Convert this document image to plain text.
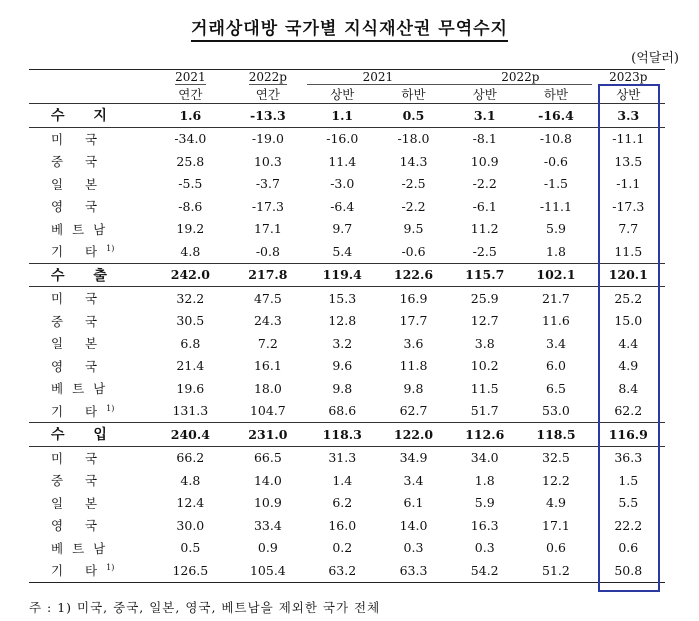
거래상대방 국가별 지식재산권 무역수지
(억달러)
	2021	2022p	2021		2022p		2023p
	연간	연간	상반	하반	상반	하반	상반
수 지	1.6	-13.3	1.1	0.5	3.1	-16.4	3.3
미 국	-34.0	-19.0	-16.0	-18.0	-8.1	-10.8	-11.1
중 국	25.8	10.3	11.4	14.3	10.9	-0.6	13.5
일 본	-5.5	-3.7	-3.0	-2.5	-2.2	-1.5	-1.1
영 국	-8.6	-17.3	-6.4	-2.2	-6.1	-11.1	-17.3
베트남	19.2	17.1	9.7	9.5	11.2	5.9	7.7
기 타$^{1)}$	4.8	-0.8	5.4	-0.6	-2.5	1.8	11.5
수 출	242.0	217.8	119.4	122.6	115.7	102.1	120.1
미 국	32.2	47.5	15.3	16.9	25.9	21.7	25.2
중 국	30.5	24.3	12.8	17.7	12.7	11.6	15.0
일 본	6.8	7.2	3.2	3.6	3.8	3.4	4.4
영 국	21.4	16.1	9.6	11.8	10.2	6.0	4.9
베트남	19.6	18.0	9.8	9.8	11.5	6.5	8.4
기 타$^{1)}$	131.3	104.7	68.6	62.7	51.7	53.0	62.2
수 입	240.4	231.0	118.3	122.0	112.6	118.5	116.9
미 국	66.2	66.5	31.3	34.9	34.0	32.5	36.3
중 국	4.8	14.0	1.4	3.4	1.8	12.2	1.5
일 본	12.4	10.9	6.2	6.1	5.9	4.9	5.5
영 국	30.0	33.4	16.0	14.0	16.3	17.1	22.2
베트남	0.5	0.9	0.2	0.3	0.3	0.6	0.6
기 타$^{1)}$	126.5	105.4	63.2	63.3	54.2	51.2	50.8
주 : 1) 미국, 중국, 일본, 영국, 베트남을 제외한 국가 전체
